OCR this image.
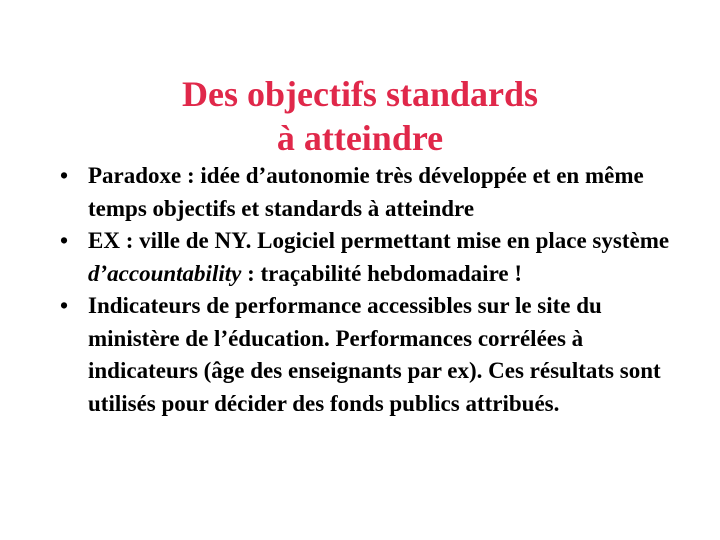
Des objectifs standards
à atteindre
• Paradoxe : idée d’autonomie très développée et en même temps objectifs et standards à atteindre
• EX : ville de NY. Logiciel permettant mise en place système d’accountability : traçabilité hebdomadaire !
• Indicateurs de performance accessibles sur le site du ministère de l’éducation. Performances corrélées à indicateurs (âge des enseignants par ex). Ces résultats sont utilisés pour décider des fonds publics attribués.
